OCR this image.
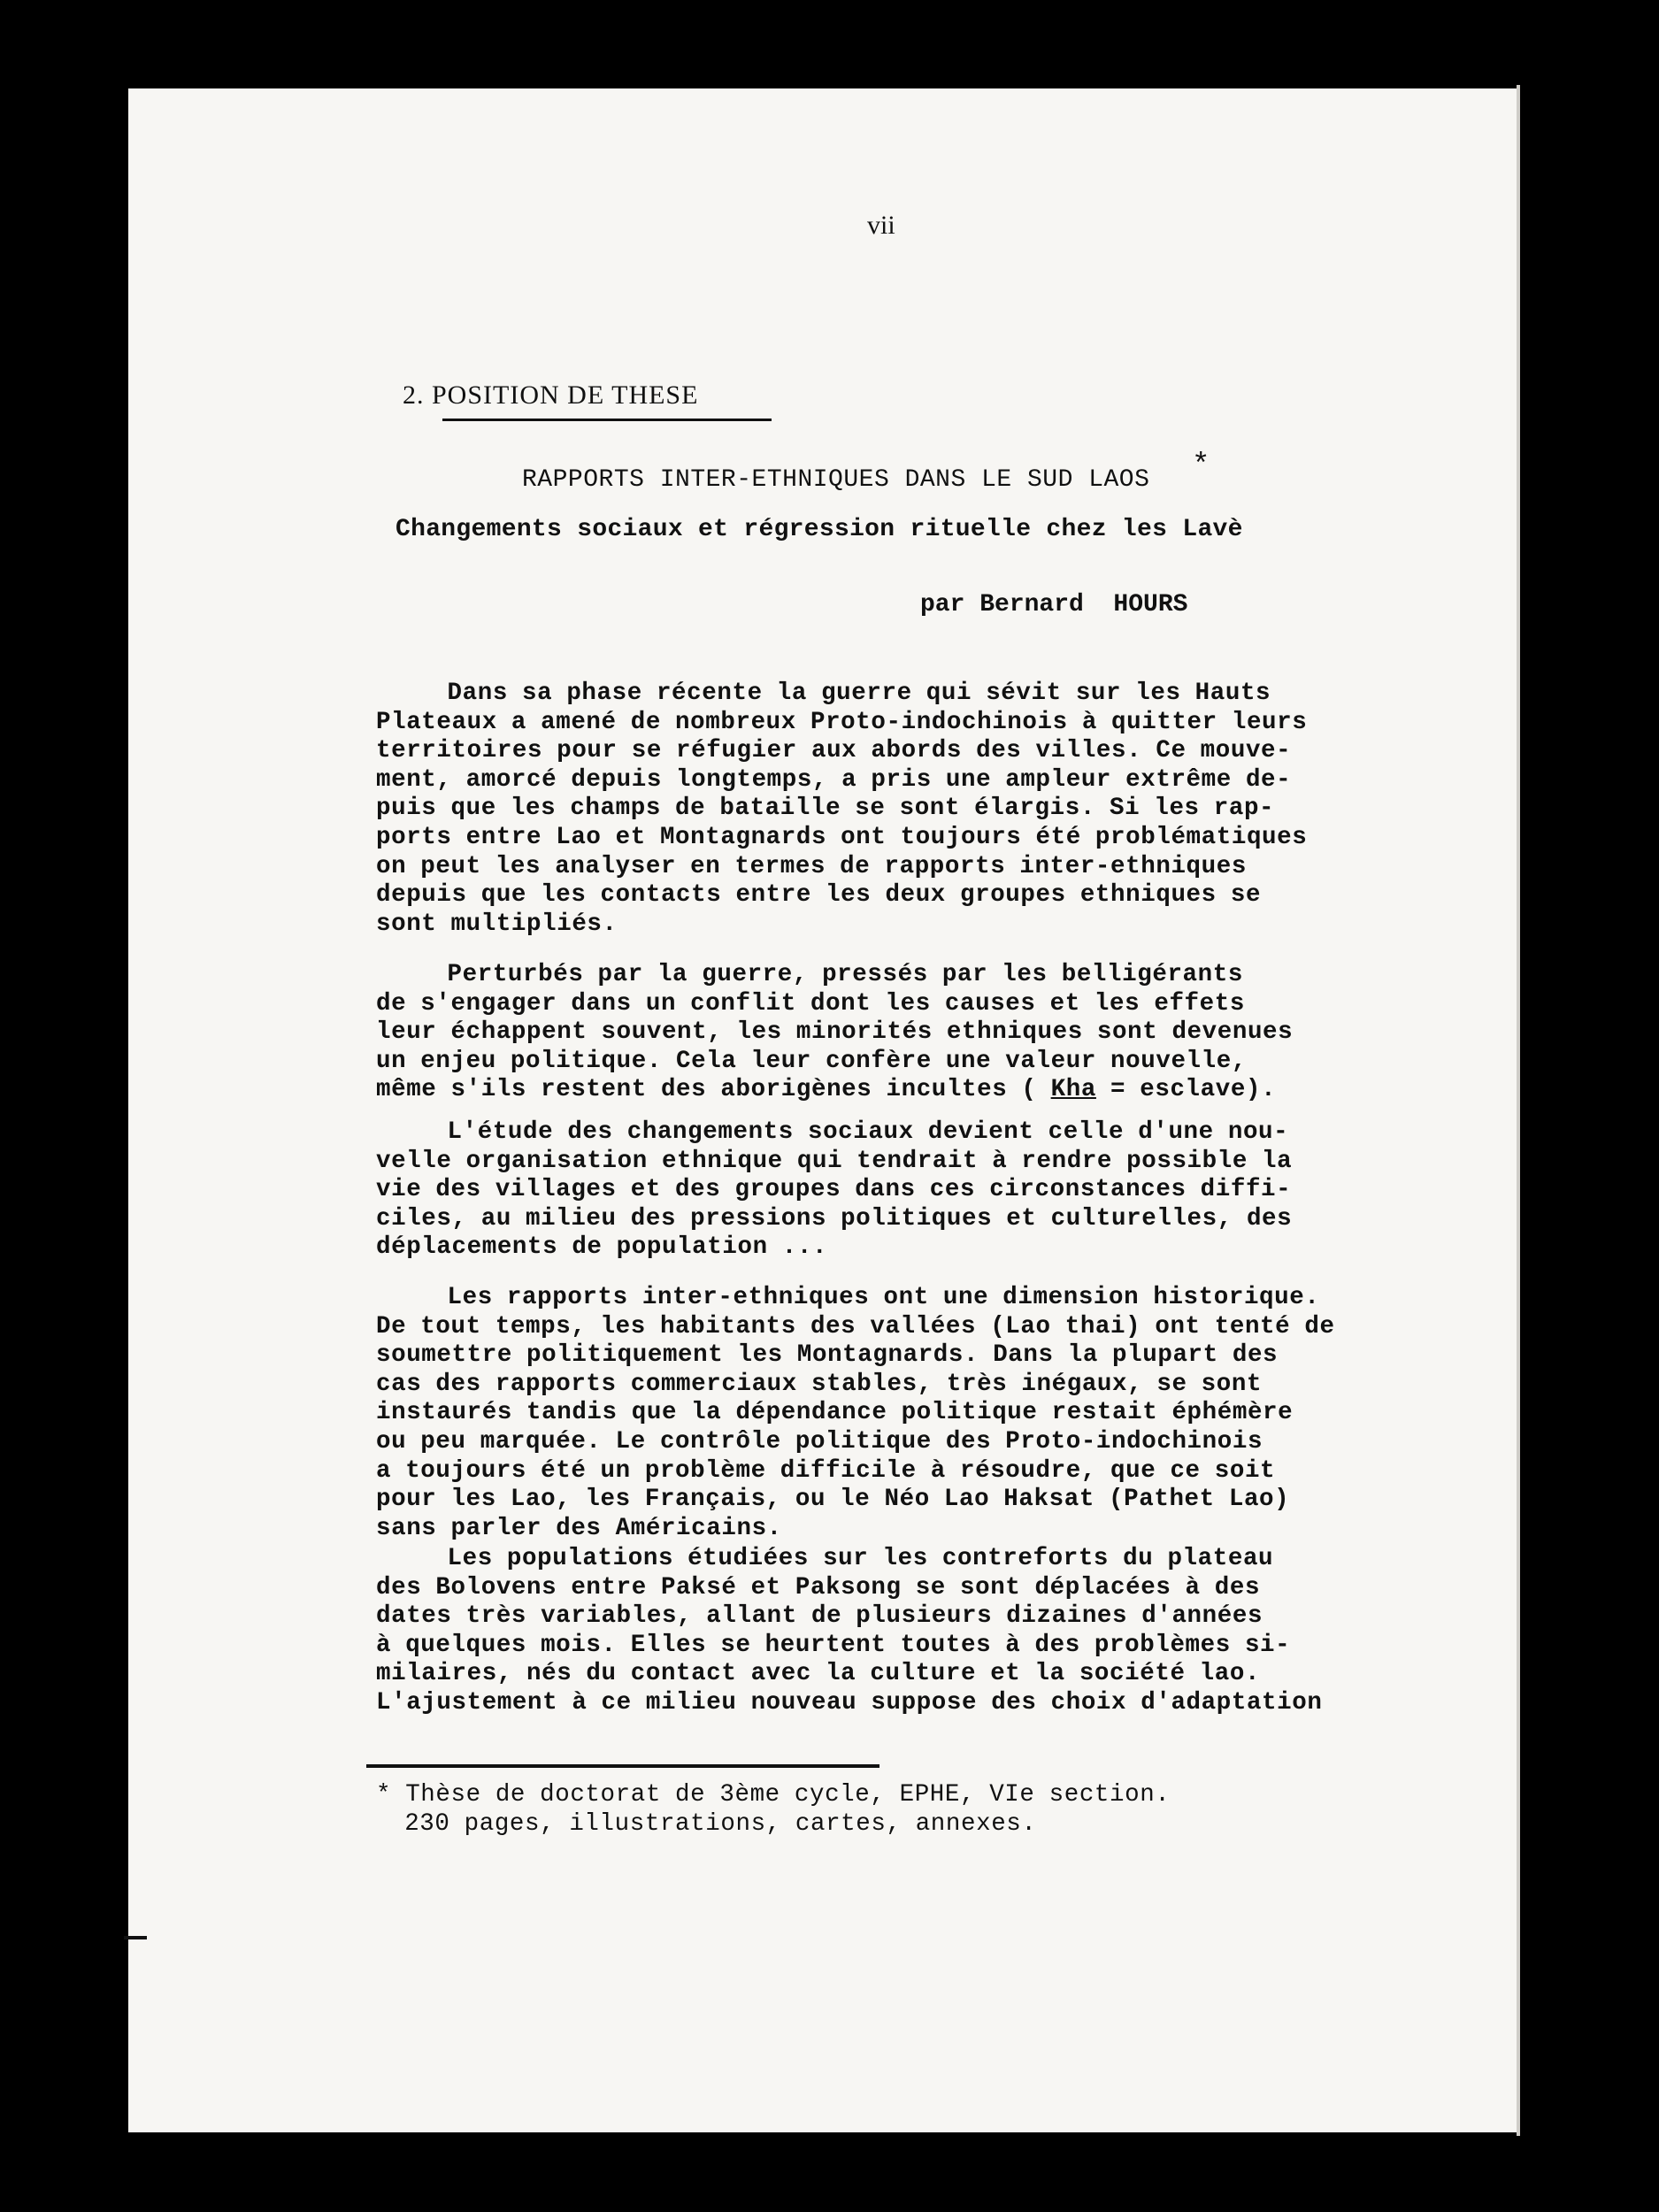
vii
2. POSITION DE THESE
RAPPORTS INTER-ETHNIQUES DANS LE SUD LAOS *
Changements sociaux et régression rituelle chez les Lavè
par Bernard  HOURS
Dans sa phase récente la guerre qui sévit sur les Hauts
Plateaux a amené de nombreux Proto-indochinois à quitter leurs
territoires pour se réfugier aux abords des villes. Ce mouve-
ment, amorcé depuis longtemps, a pris une ampleur extrême de-
puis que les champs de bataille se sont élargis. Si les rap-
ports entre Lao et Montagnards ont toujours été problématiques
on peut les analyser en termes de rapports inter-ethniques
depuis que les contacts entre les deux groupes ethniques se
sont multipliés.
Perturbés par la guerre, pressés par les belligérants
de s'engager dans un conflit dont les causes et les effets
leur échappent souvent, les minorités ethniques sont devenues
un enjeu politique. Cela leur confère une valeur nouvelle,
même s'ils restent des aborigènes incultes ( Kha = esclave).
L'étude des changements sociaux devient celle d'une nou-
velle organisation ethnique qui tendrait à rendre possible la
vie des villages et des groupes dans ces circonstances diffi-
ciles, au milieu des pressions politiques et culturelles, des
déplacements de population ...
Les rapports inter-ethniques ont une dimension historique.
De tout temps, les habitants des vallées (Lao thai) ont tenté de
soumettre politiquement les Montagnards. Dans la plupart des
cas des rapports commerciaux stables, très inégaux, se sont
instaurés tandis que la dépendance politique restait éphémère
ou peu marquée. Le contrôle politique des Proto-indochinois
a toujours été un problème difficile à résoudre, que ce soit
pour les Lao, les Français, ou le Néo Lao Haksat (Pathet Lao)
sans parler des Américains.
Les populations étudiées sur les contreforts du plateau
des Bolovens entre Paksé et Paksong se sont déplacées à des
dates très variables, allant de plusieurs dizaines d'années
à quelques mois. Elles se heurtent toutes à des problèmes si-
milaires, nés du contact avec la culture et la société lao.
L'ajustement à ce milieu nouveau suppose des choix d'adaptation
* Thèse de doctorat de 3ème cycle, EPHE, VIe section.
230 pages, illustrations, cartes, annexes.
